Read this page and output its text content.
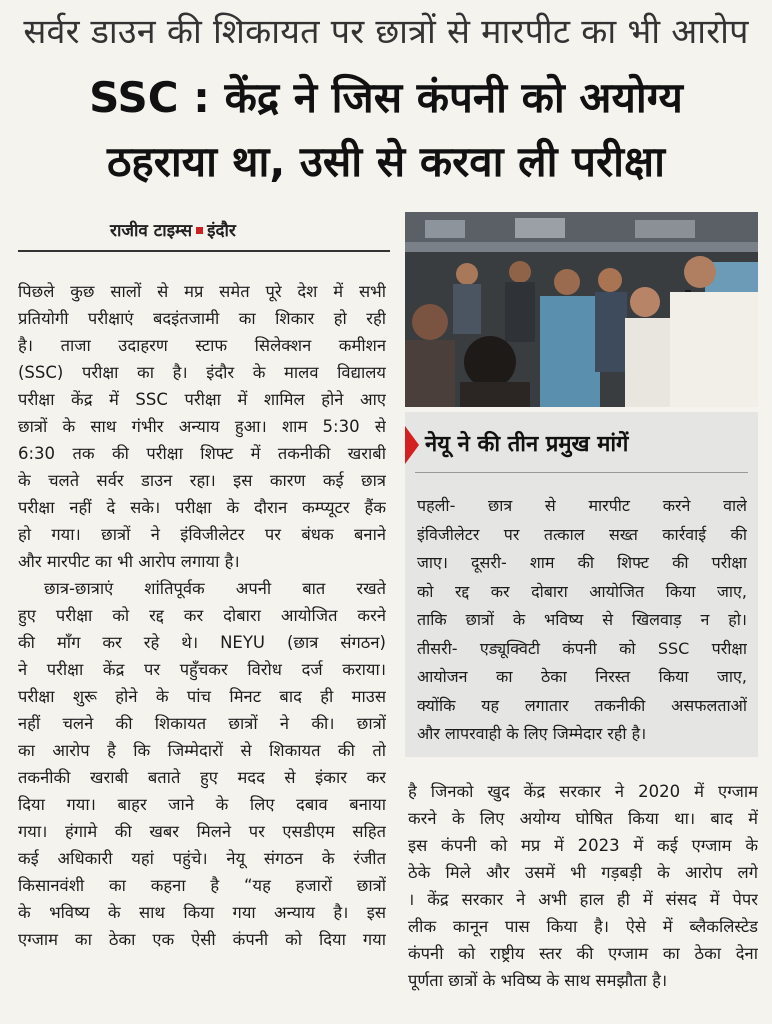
सर्वर डाउन की शिकायत पर छात्रों से मारपीट का भी आरोप
SSC : केंद्र ने जिस कंपनी को अयोग्य
ठहराया था, उसी से करवा ली परीक्षा
राजीव टाइम्स इंदौर
पिछले कुछ सालों से मप्र समेत पूरे देश में सभी
प्रतियोगी परीक्षाएं बदइंतजामी का शिकार हो रही
है। ताजा उदाहरण स्टाफ सिलेक्शन कमीशन
(SSC) परीक्षा का है। इंदौर के मालव विद्यालय
परीक्षा केंद्र में SSC परीक्षा में शामिल होने आए
छात्रों के साथ गंभीर अन्याय हुआ। शाम 5:30 से
6:30 तक की परीक्षा शिफ्ट में तकनीकी खराबी
के चलते सर्वर डाउन रहा। इस कारण कई छात्र
परीक्षा नहीं दे सके। परीक्षा के दौरान कम्प्यूटर हैंक
हो गया। छात्रों ने इंविजीलेटर पर बंधक बनाने
और मारपीट का भी आरोप लगाया है।
छात्र-छात्राएं शांतिपूर्वक अपनी बात रखते
हुए परीक्षा को रद्द कर दोबारा आयोजित करने
की माँग कर रहे थे। NEYU (छात्र संगठन)
ने परीक्षा केंद्र पर पहुँचकर विरोध दर्ज कराया।
परीक्षा शुरू होने के पांच मिनट बाद ही माउस
नहीं चलने की शिकायत छात्रों ने की। छात्रों
का आरोप है कि जिम्मेदारों से शिकायत की तो
तकनीकी खराबी बताते हुए मदद से इंकार कर
दिया गया। बाहर जाने के लिए दबाव बनाया
गया। हंगामे की खबर मिलने पर एसडीएम सहित
कई अधिकारी यहां पहुंचे। नेयू संगठन के रंजीत
किसानवंशी का कहना है “यह हजारों छात्रों
के भविष्य के साथ किया गया अन्याय है। इस
एग्जाम का ठेका एक ऐसी कंपनी को दिया गया
नेयू ने की तीन प्रमुख मांगें
पहली- छात्र से मारपीट करने वाले
इंविजीलेटर पर तत्काल सख्त कार्रवाई की
जाए। दूसरी- शाम की शिफ्ट की परीक्षा
को रद्द कर दोबारा आयोजित किया जाए,
ताकि छात्रों के भविष्य से खिलवाड़ न हो।
तीसरी- एड्यूक्विटी कंपनी को SSC परीक्षा
आयोजन का ठेका निरस्त किया जाए,
क्योंकि यह लगातार तकनीकी असफलताओं
और लापरवाही के लिए जिम्मेदार रही है।
है जिनको खुद केंद्र सरकार ने 2020 में एग्जाम
करने के लिए अयोग्य घोषित किया था। बाद में
इस कंपनी को मप्र में 2023 में कई एग्जाम के
ठेके मिले और उसमें भी गड़बड़ी के आरोप लगे
। केंद्र सरकार ने अभी हाल ही में संसद में पेपर
लीक कानून पास किया है। ऐसे में ब्लैकलिस्टेड
कंपनी को राष्ट्रीय स्तर की एग्जाम का ठेका देना
पूर्णता छात्रों के भविष्य के साथ समझौता है।
